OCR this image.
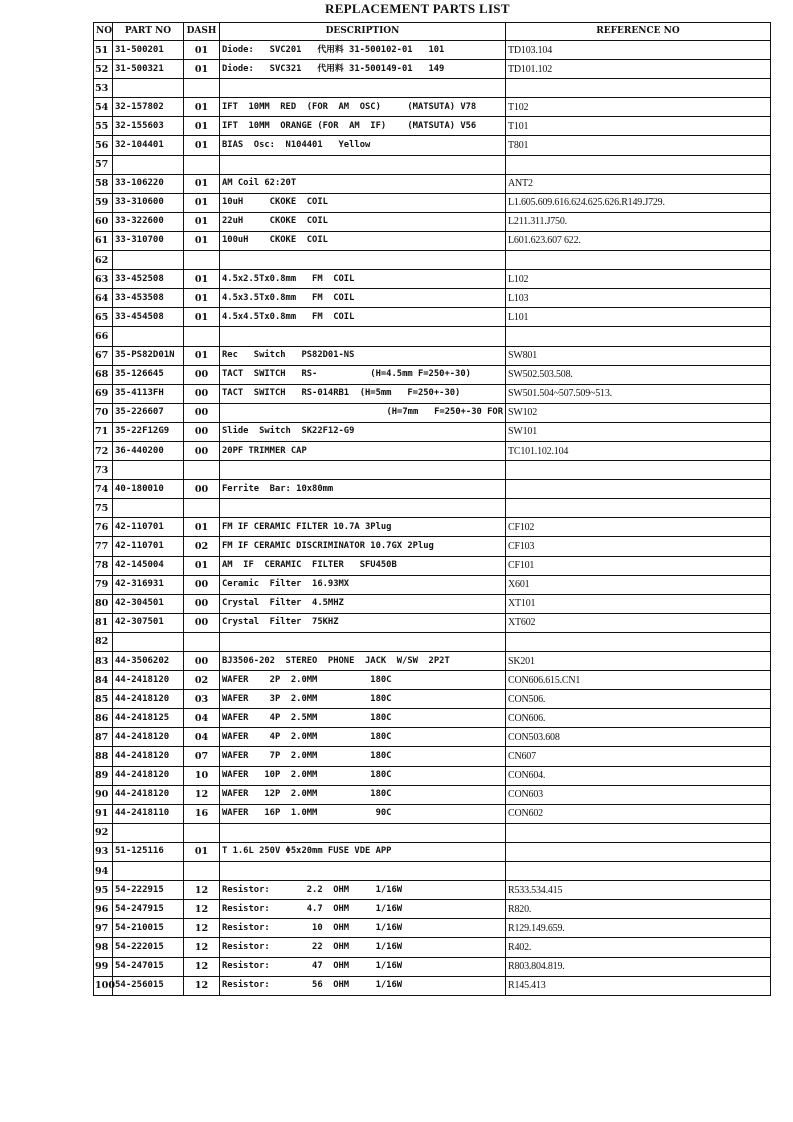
REPLACEMENT PARTS LIST
NO	PART NO	DASH	DESCRIPTION	REFERENCE NO
51	31-500201	01	Diode:   SVC201   代用料 31-500102-01   101	TD103.104
52	31-500321	01	Diode:   SVC321   代用料 31-500149-01   149	TD101.102
53				
54	32-157802	01	IFT  10MM  RED  (FOR  AM  OSC)     (MATSUTA) V78	T102
55	32-155603	01	IFT  10MM  ORANGE (FOR  AM  IF)    (MATSUTA) V56	T101
56	32-104401	01	BIAS  Osc:  N104401   Yellow	T801
57				
58	33-106220	01	AM Coil 62:20T	ANT2
59	33-310600	01	10uH     CKOKE  COIL	L1.605.609.616.624.625.626.R149.J729.
60	33-322600	01	22uH     CKOKE  COIL	L211.311.J750.
61	33-310700	01	100uH    CKOKE  COIL	L601.623.607 622.
62				
63	33-452508	01	4.5x2.5Tx0.8mm   FM  COIL	L102
64	33-453508	01	4.5x3.5Tx0.8mm   FM  COIL	L103
65	33-454508	01	4.5x4.5Tx0.8mm   FM  COIL	L101
66				
67	35-PS82D01N	01	Rec   Switch   PS82D01-NS	SW801
68	35-126645	00	TACT  SWITCH   RS-          (H=4.5mm F=250+-30)	SW502.503.508.
69	35-4113FH	00	TACT  SWITCH   RS-014RB1  (H=5mm   F=250+-30)	SW501.504~507.509~513.
70	35-226607	00	(H=7mm   F=250+-30 FOR	SW102
71	35-22F12G9	00	Slide  Switch  SK22F12-G9	SW101
72	36-440200	00	20PF TRIMMER CAP	TC101.102.104
73				
74	40-180010	00	Ferrite  Bar: 10x80mm	
75				
76	42-110701	01	FM IF CERAMIC FILTER 10.7A 3Plug	CF102
77	42-110701	02	FM IF CERAMIC DISCRIMINATOR 10.7GX 2Plug	CF103
78	42-145004	01	AM  IF  CERAMIC  FILTER   SFU450B	CF101
79	42-316931	00	Ceramic  Filter  16.93MX	X601
80	42-304501	00	Crystal  Filter  4.5MHZ	XT101
81	42-307501	00	Crystal  Filter  75KHZ	XT602
82				
83	44-3506202	00	BJ3506-202  STEREO  PHONE  JACK  W/SW  2P2T	SK201
84	44-2418120	02	WAFER    2P  2.0MM          180C	CON606.615.CN1
85	44-2418120	03	WAFER    3P  2.0MM          180C	CON506.
86	44-2418125	04	WAFER    4P  2.5MM          180C	CON606.
87	44-2418120	04	WAFER    4P  2.0MM          180C	CON503.608
88	44-2418120	07	WAFER    7P  2.0MM          180C	CN607
89	44-2418120	10	WAFER   10P  2.0MM          180C	CON604.
90	44-2418120	12	WAFER   12P  2.0MM          180C	CON603
91	44-2418110	16	WAFER   16P  1.0MM           90C	CON602
92				
93	51-125116	01	T 1.6L 250V Φ5x20mm FUSE VDE APP	
94				
95	54-222915	12	Resistor:       2.2  OHM     1/16W	R533.534.415
96	54-247915	12	Resistor:       4.7  OHM     1/16W	R820.
97	54-210015	12	Resistor:        10  OHM     1/16W	R129.149.659.
98	54-222015	12	Resistor:        22  OHM     1/16W	R402.
99	54-247015	12	Resistor:        47  OHM     1/16W	R803.804.819.
100	54-256015	12	Resistor:        56  OHM     1/16W	R145.413
